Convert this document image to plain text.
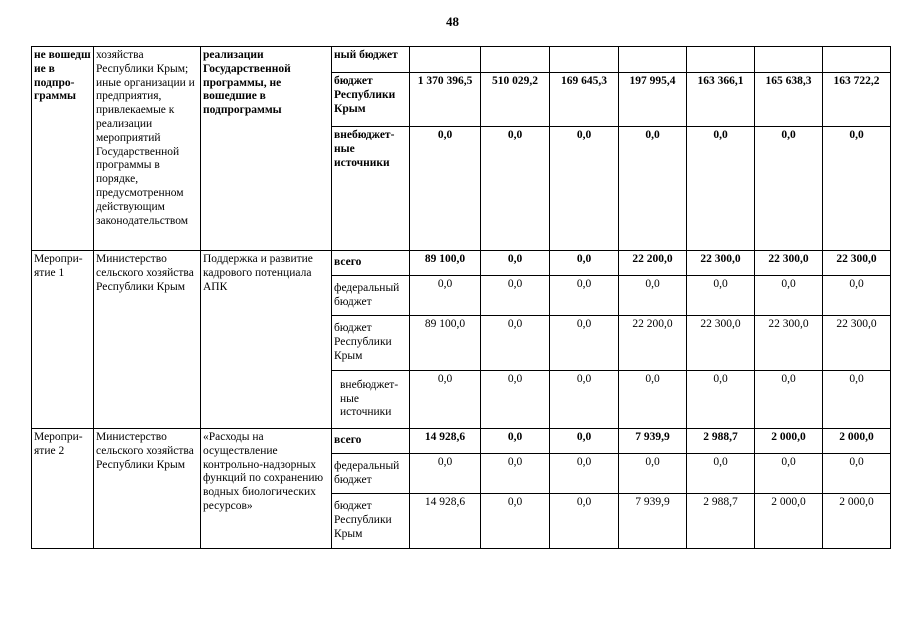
48
не вошедш ие в подпро- граммы	хозяйства Республики Крым; иные организации и предприятия, привлекаемые к реализации мероприятий Государственной программы в порядке, предусмотренном действующим законодательством	реализации Государственной программы, не вошедшие в подпрограммы	ный бюджет							
			бюджет Республики Крым	1 370 396,5	510 029,2	169 645,3	197 995,4	163 366,1	165 638,3	163 722,2
			внебюджет- ные источники	0,0	0,0	0,0	0,0	0,0	0,0	0,0
Меропри- ятие 1	Министерство сельского хозяйства Республики Крым	Поддержка и развитие кадрового потенциала АПК	всего	89 100,0	0,0	0,0	22 200,0	22 300,0	22 300,0	22 300,0
			федеральный бюджет	0,0	0,0	0,0	0,0	0,0	0,0	0,0
			бюджет Республики Крым	89 100,0	0,0	0,0	22 200,0	22 300,0	22 300,0	22 300,0
			внебюджет- ные источники	0,0	0,0	0,0	0,0	0,0	0,0	0,0
Меропри- ятие 2	Министерство сельского хозяйства Республики Крым	«Расходы на осуществление контрольно-надзорных функций по сохранению водных биологических ресурсов»	всего	14 928,6	0,0	0,0	7 939,9	2 988,7	2 000,0	2 000,0
			федеральный бюджет	0,0	0,0	0,0	0,0	0,0	0,0	0,0
			бюджет Республики Крым	14 928,6	0,0	0,0	7 939,9	2 988,7	2 000,0	2 000,0
